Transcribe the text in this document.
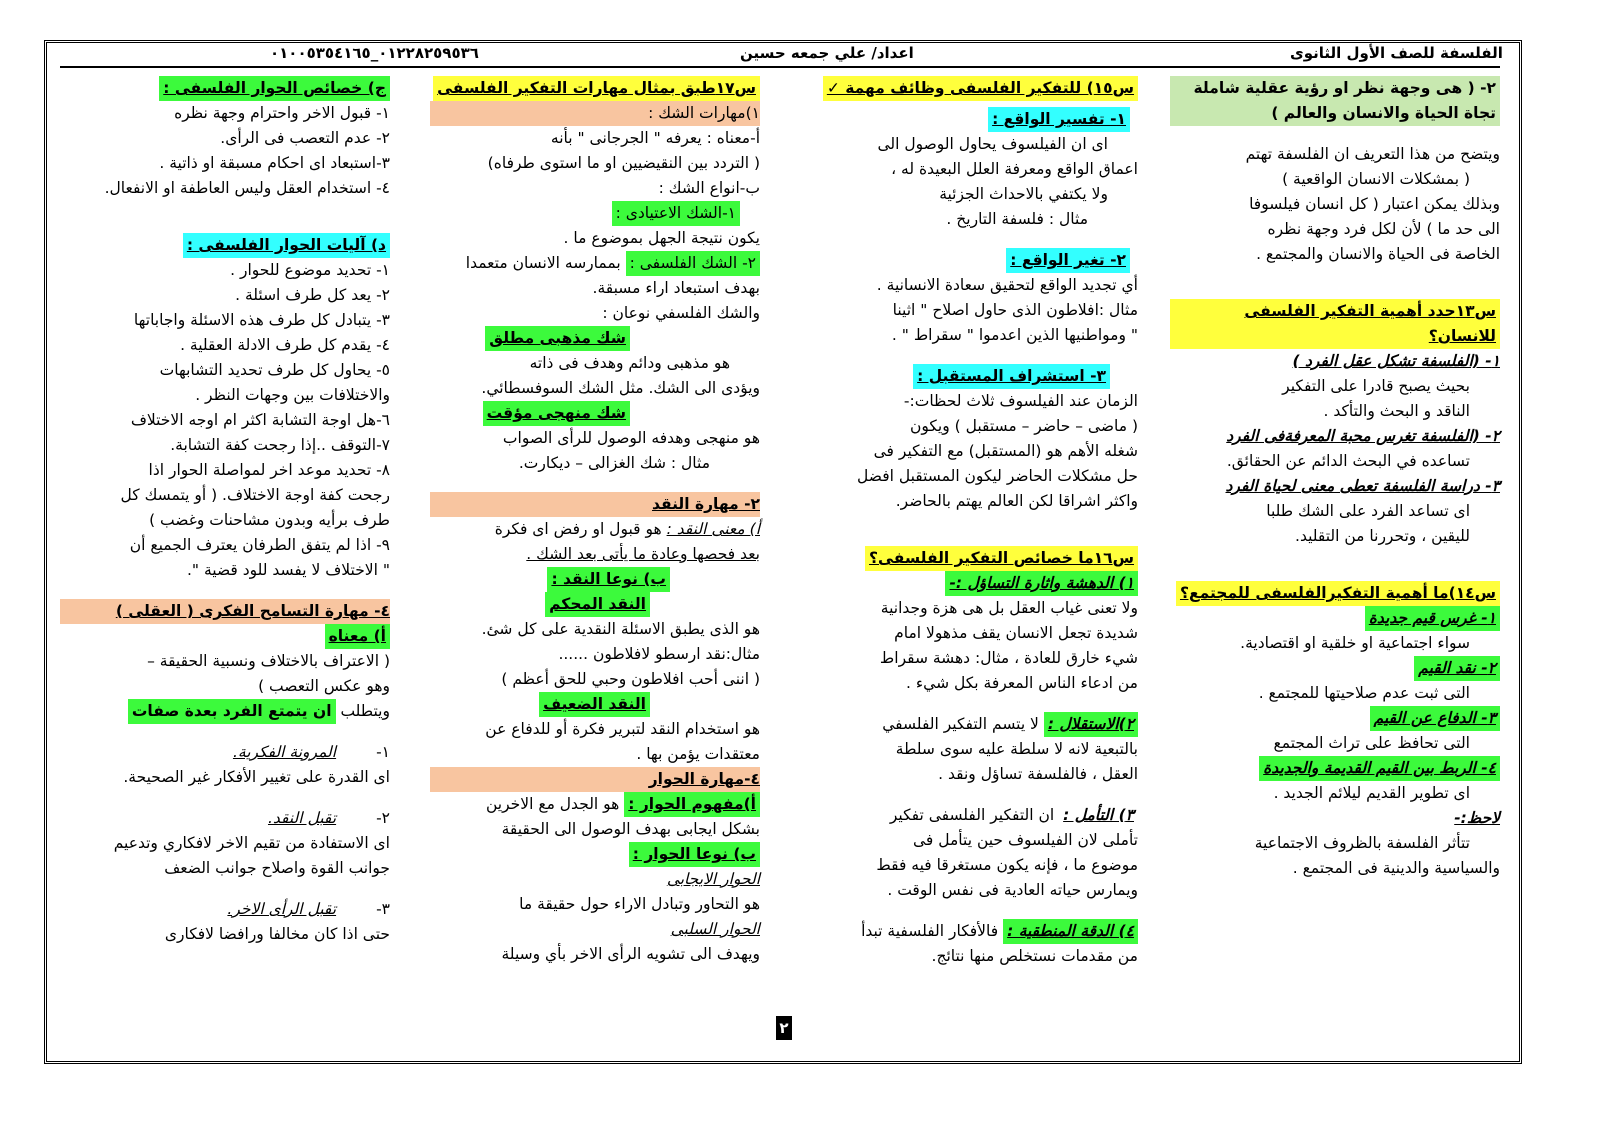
الفلسفة للصف الأول الثانوى
اعداد/ علي جمعه حسين
٠١٢٢٨٢٥٩٥٣٦_٠١٠٠٥٣٥٤١٦٥
٢- ( هى وجهة نظر او رؤية عقلية شاملة تجاة الحياة والانسان والعالم )
ويتضح من هذا التعريف ان الفلسفة تهتم
( بمشكلات الانسان الواقعية )
وبذلك يمكن اعتبار ( كل انسان فيلسوفا
الى حد ما ) لأن لكل فرد وجهة نظره
الخاصة فى الحياة والانسان والمجتمع .
س١٣حدد أهمية التفكير الفلسفى للانسان؟
١- (الفلسفة تشكل عقل الفرد )
بحيث يصبح قادرا على التفكير
الناقد و البحث والتأكد .
٢- (الفلسفة تغرس محبة المعرفةفى الفرد
تساعده في البحث الدائم عن الحقائق.
٣- دراسة الفلسفة تعطى معنى لحياة الفرد
اى تساعد الفرد على الشك طلبا
لليقين ، وتحررنا من التقليد.
س١٤)ما أهمية التفكيرالفلسفى للمجتمع؟ ١- غرس قيم جديدة
سواء اجتماعية او خلقية او اقتصادية.
٢- نقد القيم
التى ثبت عدم صلاحيتها للمجتمع .
٣- الدفاع عن القيم
التى تحافظ على تراث المجتمع
٤- الربط بين القيم القديمة والجديدة
اى تطوير القديم ليلائم الجديد .
لاحظ:-
تتأثر الفلسفة بالظروف الاجتماعية
والسياسية والدينية فى المجتمع .
س١٥) للتفكير الفلسفى وظائف مهمة ✓ ١- تفسير الواقع :
اى ان الفيلسوف يحاول الوصول الى
اعماق الواقع ومعرفة العلل البعيدة له ،
ولا يكتفي بالاحداث الجزئية
مثال : فلسفة التاريخ .
٢- تغير الواقع :
أي تجديد الواقع لتحقيق سعادة الانسانية .
مثال :افلاطون الذى حاول اصلاح " اثينا
" ومواطنيها الذين اعدموا " سقراط " .
٣- استشراف المستقبل :
الزمان عند الفيلسوف ثلاث لحظات:-
( ماضى – حاضر – مستقبل ) ويكون
شغله الأهم هو (المستقبل) مع التفكير فى
حل مشكلات الحاضر ليكون المستقبل افضل
واكثر اشراقا لكن العالم يهتم بالحاضر.
س١٦ما خصائص التفكير الفلسفى؟ ١) الدهشة واثارة التساؤل :-
ولا تعنى غياب العقل بل هى هزة وجدانية
شديدة تجعل الانسان يقف مذهولا امام
شيء خارق للعادة ، مثال: دهشة سقراط
من ادعاء الناس المعرفة بكل شيء .
٢)الاستقلال : لا يتسم التفكير الفلسفي
بالتبعية لانه لا سلطة عليه سوى سلطة
العقل ، فالفلسفة تساؤل ونقد .
٣) التأمل : ان التفكير الفلسفى تفكير
تأملى لان الفيلسوف حين يتأمل فى
موضوع ما ، فإنه يكون مستغرقا فيه فقط
ويمارس حياته العادية فى نفس الوقت .
٤) الدقة المنطقية : فالأفكار الفلسفية تبدأ
من مقدمات نستخلص منها نتائج.
س١٧طبق بمثال مهارات التفكير الفلسفى
١)مهارات الشك :
أ-معناه : يعرفه " الجرجانى " بأنه
( التردد بين النقيضيين او ما استوى طرفاه)
ب-انواع الشك :
١-الشك الاعتيادى :
يكون نتيجة الجهل بموضوع ما .
٢- الشك الفلسفى : بممارسه الانسان متعمدا
بهدف استبعاد اراء مسبقة.
والشك الفلسفي نوعان :
شك مذهبى مطلق
هو مذهبى ودائم وهدف فى ذاته
ويؤدى الى الشك. مثل الشك السوفسطائي.
شك منهجى مؤقت
هو منهجى وهدفه الوصول للرأى الصواب
مثال : شك الغزالى – ديكارت.
٢- مهارة النقد
أ) معنى النقد : هو قبول او رفض اى فكرة
بعد فحصها وعادة ما يأتى بعد الشك .
ب) نوعا النقد : النقد المحكم
هو الذى يطبق الاسئلة النقدية على كل شئ.
مثال:نقد ارسطو لافلاطون ......
( اننى أحب افلاطون وحبي للحق أعظم )
النقد الضعيف
هو استخدام النقد لتبرير فكرة أو للدفاع عن
معتقدات يؤمن بها .
٤-مهارة الحوار
أ)مفهوم الحوار : هو الجدل مع الاخرين
بشكل ايجابى بهدف الوصول الى الحقيقة
ب) نوعا الحوار :
الحوار الايجابى
هو التحاور وتبادل الاراء حول حقيقة ما
الحوار السلبى
ويهدف الى تشويه الرأى الاخر بأي وسيلة
ج) خصائص الحوار الفلسفى :
١- قبول الاخر واحترام وجهة نظره
٢- عدم التعصب فى الرأى.
٣-استبعاد اى احكام مسبقة او ذاتية .
٤- استخدام العقل وليس العاطفة او الانفعال.
د) آليات الحوار الفلسفى :
١- تحديد موضوع للحوار .
٢- يعد كل طرف اسئلة .
٣- يتبادل كل طرف هذه الاسئلة واجاباتها
٤- يقدم كل طرف الادلة العقلية .
٥- يحاول كل طرف تحديد التشابهات
والاختلافات بين وجهات النظر .
٦-هل اوجة التشابة اكثر ام اوجه الاختلاف
٧-التوقف ..إذا رجحت كفة التشابة.
٨- تحديد موعد اخر لمواصلة الحوار اذا
رجحت كفة اوجة الاختلاف. ( أو يتمسك كل
طرف برأيه وبدون مشاحنات وغضب )
٩- اذا لم يتفق الطرفان يعترف الجميع أن
" الاختلاف لا يفسد للود قضية ".
٤- مهارة التسامح الفكرى ( العقلى )
أ) معناه
( الاعتراف بالاختلاف ونسبية الحقيقة –
وهو عكس التعصب )
ويتطلب ان يتمتع الفرد بعدة صفات
١-المرونة الفكرية.
اى القدرة على تغيير الأفكار غير الصحيحة.
٢-تقبل النقد.
اى الاستفادة من تقيم الاخر لافكاري وتدعيم
جوانب القوة واصلاح جوانب الضعف
٣-تقبل الرأى الاخر.
حتى اذا كان مخالفا ورافضا لافكارى
٢
